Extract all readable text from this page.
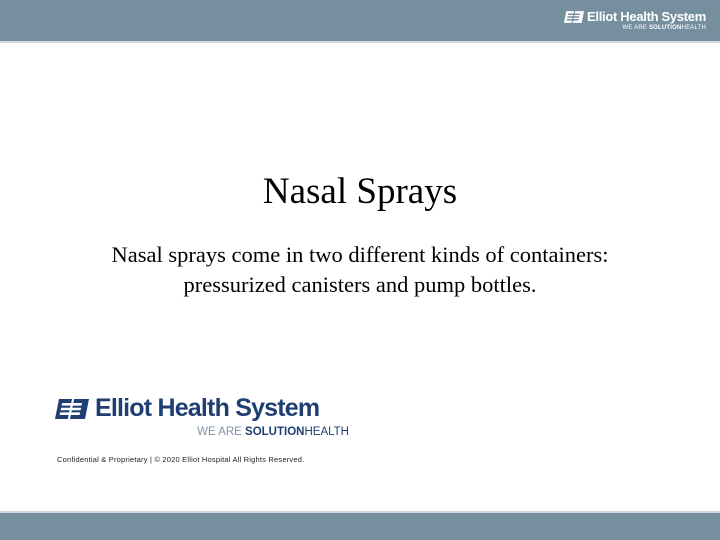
Elliot Health System
WE ARE SOLUTIONHEALTH
Nasal Sprays
Nasal sprays come in two different kinds of containers:
pressurized canisters and pump bottles.
Elliot Health System
WE ARE SOLUTIONHEALTH
Confidential & Proprietary | © 2020 Elliot Hospital All Rights Reserved.
